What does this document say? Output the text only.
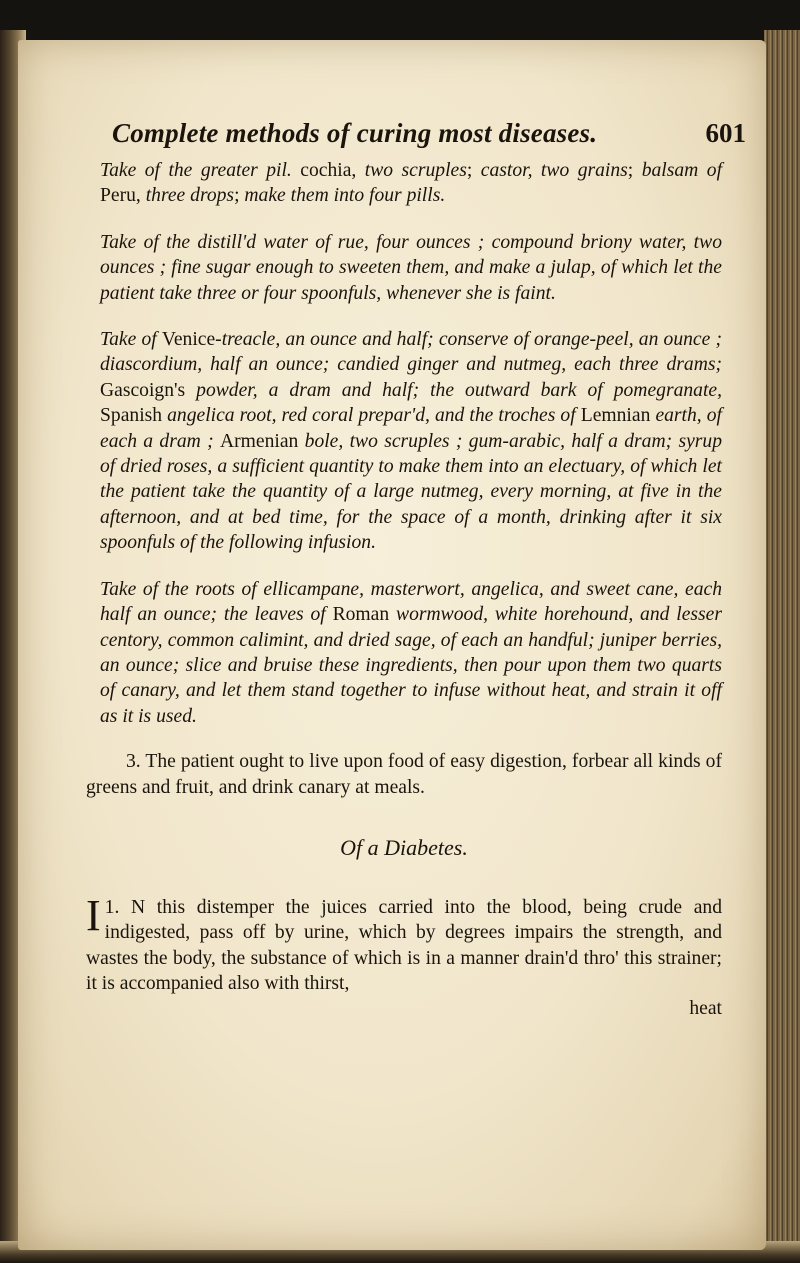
Complete methods of curing most diseases.	601

Take of the greater pil. cochia, two scruples; castor, two grains; balsam of Peru, three drops; make them into four pills.

Take of the distill'd water of rue, four ounces ; compound briony water, two ounces ; fine sugar enough to sweeten them, and make a julap, of which let the patient take three or four spoonfuls, whenever she is faint.

Take of Venice-treacle, an ounce and half; conserve of orange-peel, an ounce ; diascordium, half an ounce; candied ginger and nutmeg, each three drams; Gascoign's powder, a dram and half; the outward bark of pomegranate, Spanish angelica root, red coral prepar'd, and the troches of Lemnian earth, of each a dram ; Armenian bole, two scruples ; gum-arabic, half a dram; syrup of dried roses, a sufficient quantity to make them into an electuary, of which let the patient take the quantity of a large nutmeg, every morning, at five in the afternoon, and at bed time, for the space of a month, drinking after it six spoonfuls of the following infusion.

Take of the roots of ellicampane, masterwort, angelica, and sweet cane, each half an ounce; the leaves of Roman wormwood, white horehound, and lesser centory, common calimint, and dried sage, of each an handful; juniper berries, an ounce; slice and bruise these ingredients, then pour upon them two quarts of canary, and let them stand together to infuse without heat, and strain it off as it is used.

3. The patient ought to live upon food of easy digestion, forbear all kinds of greens and fruit, and drink canary at meals.

Of a Diabetes.

1.
I N this distemper the juices carried into the blood, being crude and indigested, pass off by urine, which by degrees impairs the strength, and wastes the body, the substance of which is in a manner drain'd thro' this strainer; it is accompanied also with thirst,

heat
